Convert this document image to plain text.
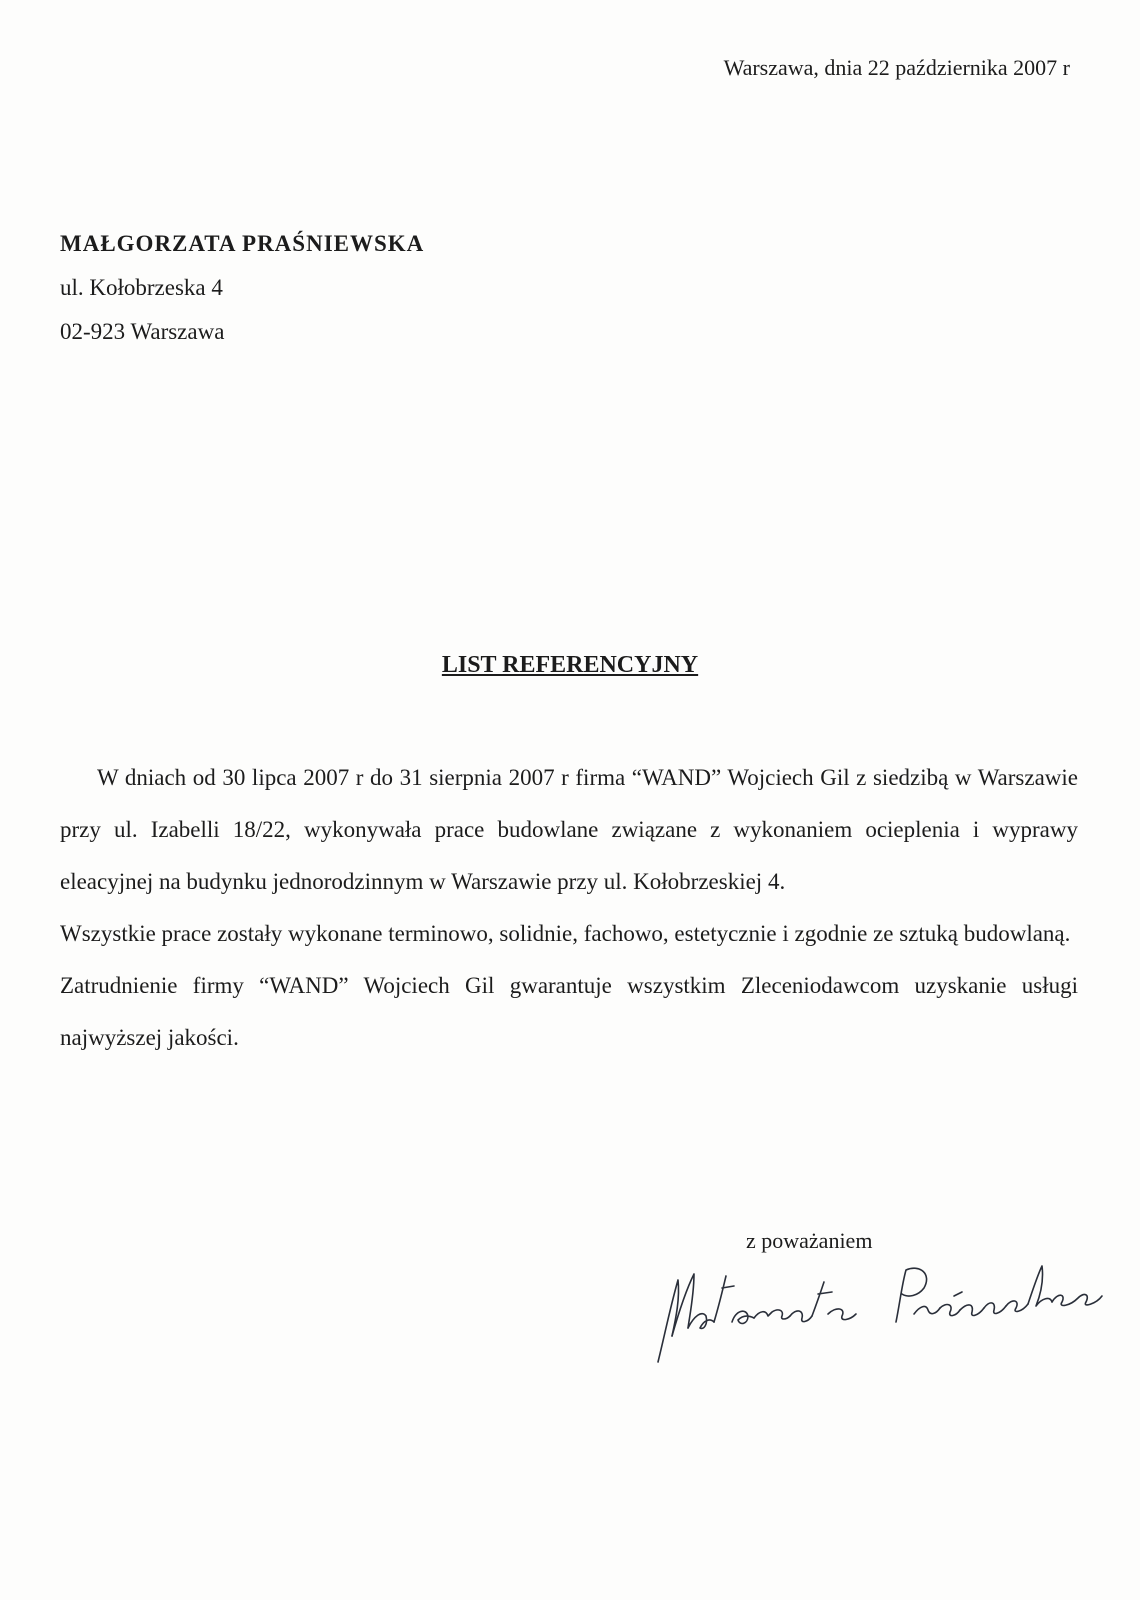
Warszawa, dnia 22 października 2007 r
MAŁGORZATA PRAŚNIEWSKA
ul. Kołobrzeska 4
02-923 Warszawa
LIST REFERENCYJNY

W dniach od 30 lipca 2007 r do 31 sierpnia 2007 r firma “WAND” Wojciech Gil z siedzibą w Warszawie przy ul. Izabelli 18/22, wykonywała prace budowlane związane z wykonaniem ocieplenia i wyprawy eleacyjnej na budynku jednorodzinnym w Warszawie przy ul. Kołobrzeskiej 4.

Wszystkie prace zostały wykonane terminowo, solidnie, fachowo, estetycznie i zgodnie ze sztuką budowlaną.

Zatrudnienie firmy “WAND” Wojciech Gil gwarantuje wszystkim Zleceniodawcom uzyskanie usługi najwyższej jakości.

z poważaniem
